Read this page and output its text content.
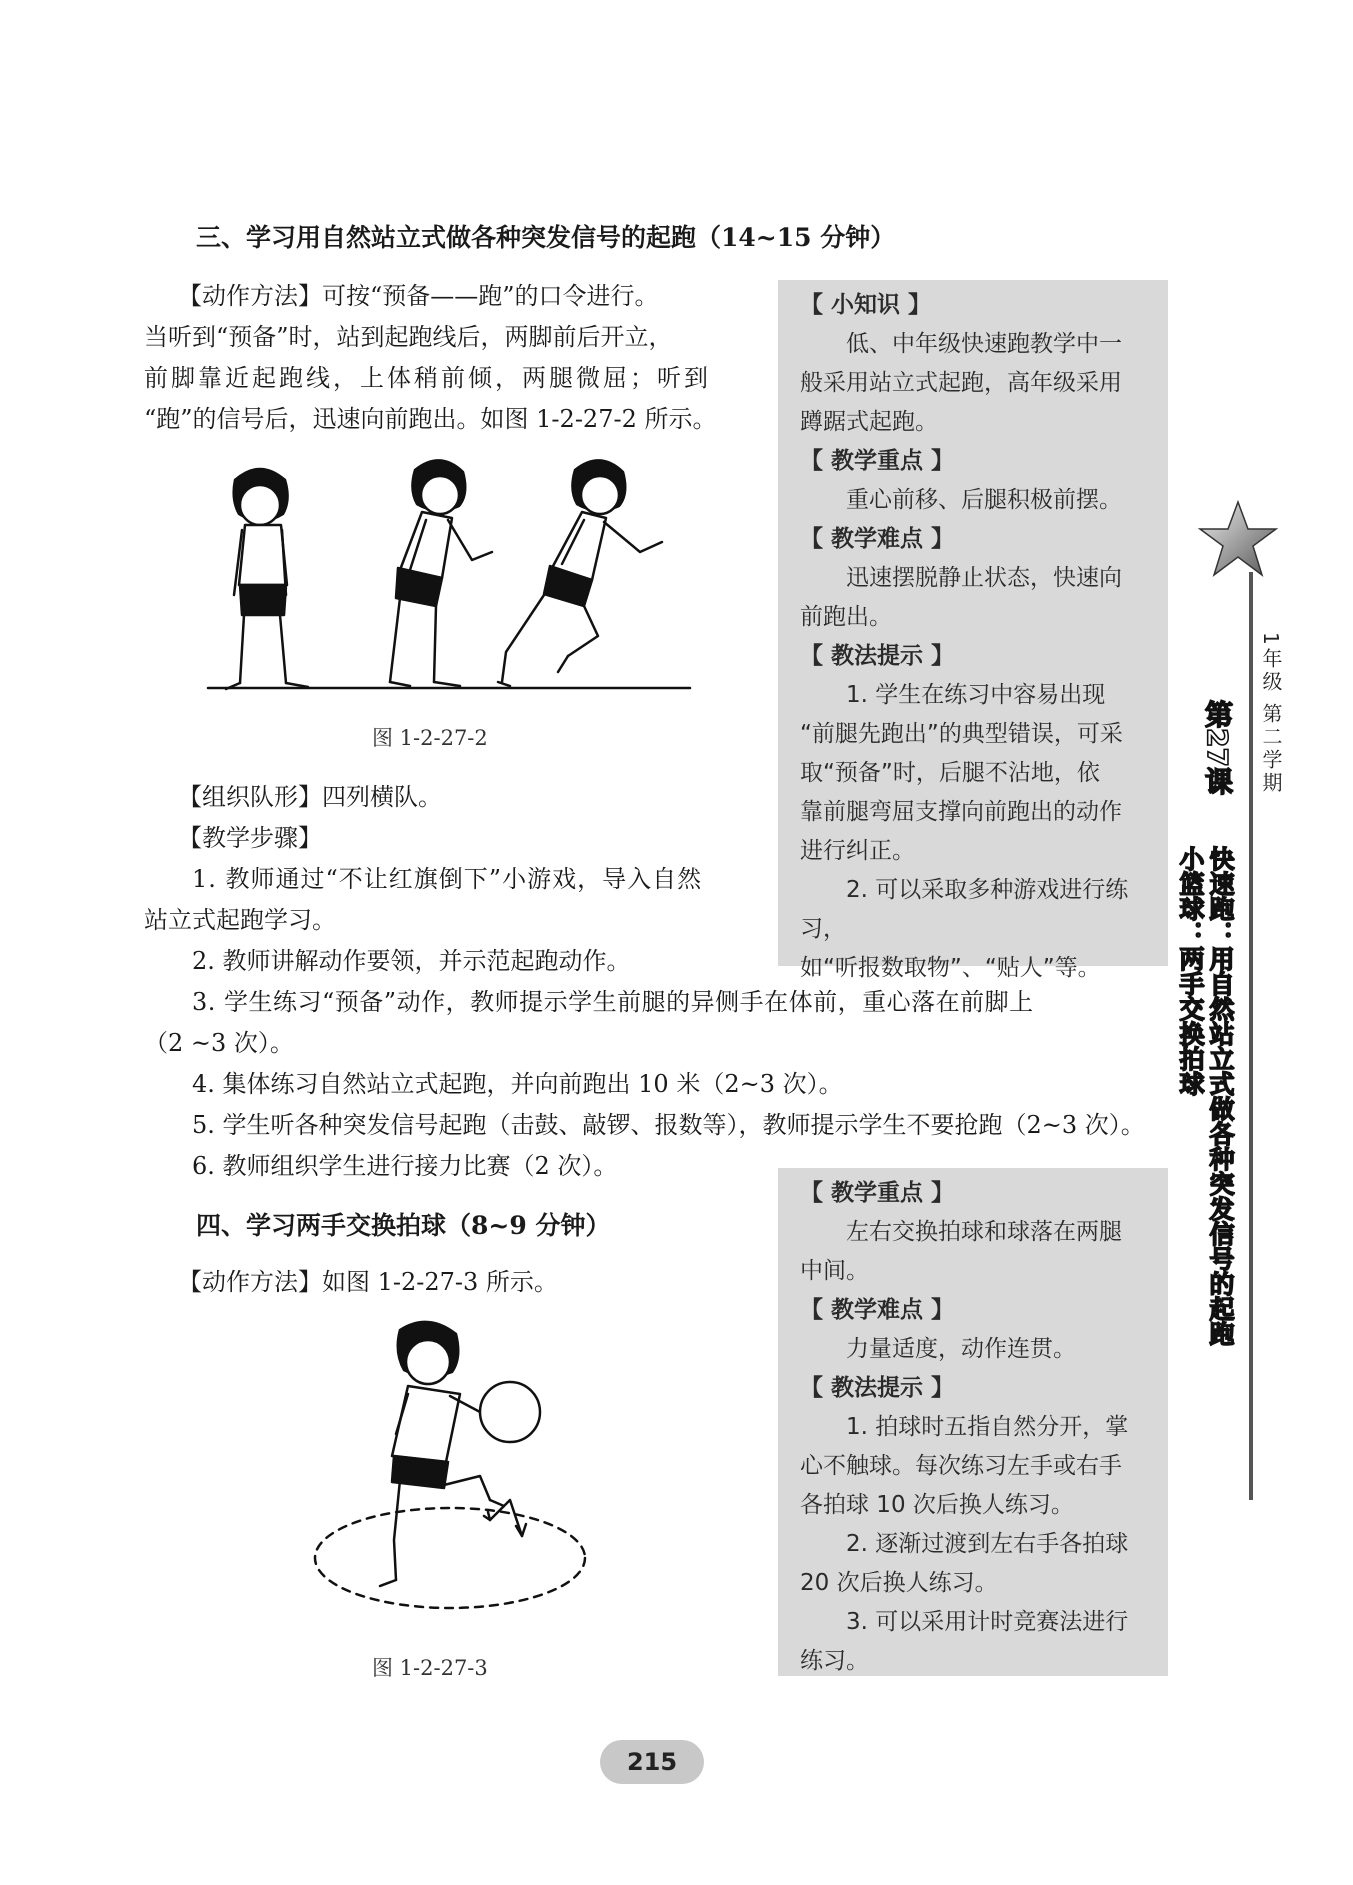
三、学习用自然站立式做各种突发信号的起跑（14~15 分钟）

【动作方法】可按“预备——跑”的口令进行。

当听到“预备”时，站到起跑线后，两脚前后开立，

前脚靠近起跑线，上体稍前倾，两腿微屈；听到

“跑”的信号后，迅速向前跑出。如图 1-2-27-2 所示。

图 1-2-27-2

【组织队形】四列横队。

【教学步骤】

1. 教师通过“不让红旗倒下”小游戏，导入自然

站立式起跑学习。

2. 教师讲解动作要领，并示范起跑动作。

3. 学生练习“预备”动作，教师提示学生前腿的异侧手在体前，重心落在前脚上

（2 ~3 次）。

4. 集体练习自然站立式起跑，并向前跑出 10 米（2~3 次）。

5. 学生听各种突发信号起跑（击鼓、敲锣、报数等），教师提示学生不要抢跑（2~3 次）。

6. 教师组织学生进行接力比赛（2 次）。

【 小知识 】
低、中年级快速跑教学中一
般采用站立式起跑，高年级采用
蹲踞式起跑。
【 教学重点 】
重心前移、后腿积极前摆。
【 教学难点 】
迅速摆脱静止状态，快速向
前跑出。
【 教法提示 】
1. 学生在练习中容易出现
“前腿先跑出”的典型错误，可采
取“预备”时，后腿不沾地，依
靠前腿弯屈支撑向前跑出的动作
进行纠正。
2. 可以采取多种游戏进行练习，
如“听报数取物”、“贴人”等。
四、学习两手交换拍球（8~9 分钟）
【动作方法】如图 1-2-27-3 所示。
图 1-2-27-3
【 教学重点 】
左右交换拍球和球落在两腿
中间。
【 教学难点 】
力量适度，动作连贯。
【 教法提示 】
1. 拍球时五指自然分开，掌
心不触球。每次练习左手或右手
各拍球 10 次后换人练习。
2. 逐渐过渡到左右手各拍球
20 次后换人练习。
3. 可以采用计时竞赛法进行
练习。
1年级 第二学期
第27课
小篮球：两手交换拍球 快速跑：用自然站立式做各种突发信号的起跑
215
